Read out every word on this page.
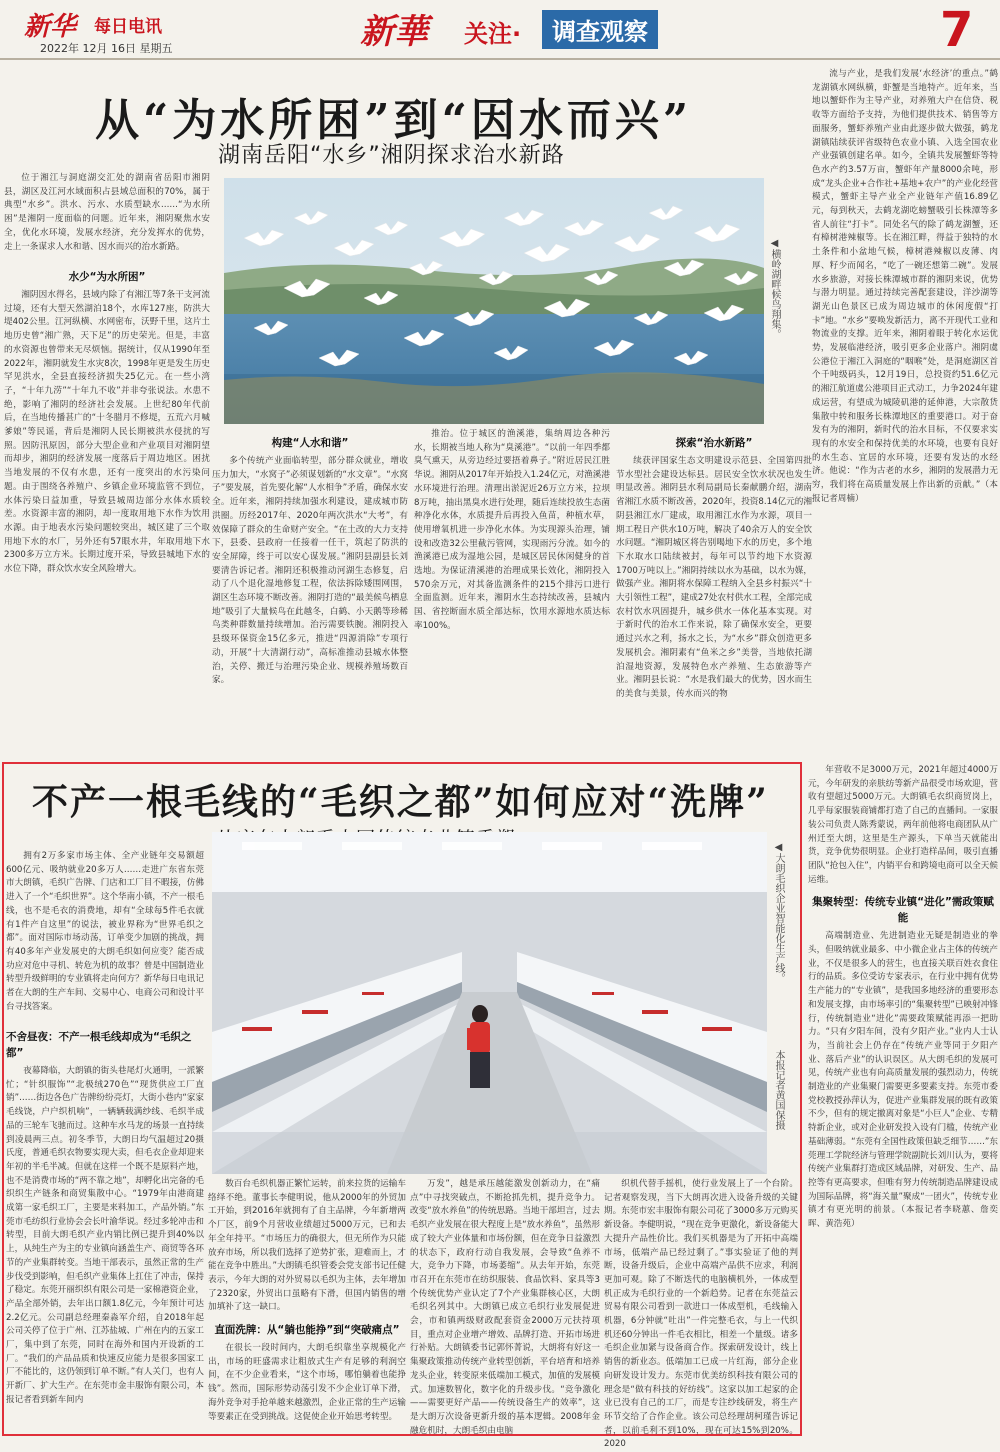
新华 每日电讯
2022年 12月 16日 星期五	新華 关注·	调查观察	7
从“为水所困”到“因水而兴”
湖南岳阳“水乡”湘阴探求治水新路
◀横岭湖畔候鸟翔集。

位于湘江与洞庭湖交汇处的湖南省岳阳市湘阴县，湖区及江河水域面积占县域总面积的70%，属于典型“水乡”。洪水、污水、水质型缺水……“为水所困”是湘阴一度面临的问题。近年来，湘阴聚焦水安全，优化水环境，发展水经济，充分发挥水的优势，走上一条谋求人水和谐、因水而兴的治水新路。

水少“为水所困”

湘阴因水得名，县域内除了有湘江等7条干支河流过境，还有大型天然湖泊18个，水库127座，防洪大堤402公里。江河纵横、水网密布，沃野千里，这片土地历史曾“湘广熟，天下足”的历史荣光。但是，丰富的水资源也曾带来无尽烦恼。据统计，仅从1990年至2022年，湘阴就发生水灾8次，1998年更是发生历史罕见洪水，全县直接经济损失25亿元。在一些小湾子，“十年九涝”“十年九不收”并非夸张说法。水患不绝，影响了湘阴的经济社会发展。上世纪80年代前后，在当地传播甚广的“十冬腊月不修堤，五荒六月喊爹娘”等民谣，背后是湘阴人民长期被洪水侵扰的写照。因防汛原因，部分大型企业和产业项目对湘阴望而却步，湘阴的经济发展一度落后于周边地区。困扰当地发展的不仅有水患，还有一度突出的水污染问题。由于围绕各养殖户、乡镇企业环境监管不到位，水体污染日益加重，导致县城周边部分水体水质较差。水资源丰富的湘阴，却一度取用地下水作为饮用水源。由于地表水污染问题较突出，城区建了三个取用地下水的水厂，另外还有57眼水井，年取用地下水2300多万立方米。长期过度开采，导致县城地下水的水位下降，群众饮水安全风险增大。

构建“人水和谐”

多个传统产业面临转型，部分群众就业，增收压力加大，“水窝子”必须谋划新的“水文章”。“水窝子”要发展，首先要化解“人水相争”矛盾，确保水安全。近年来，湘阴持续加强水利建设，建成城市防洪圈。历经2017年、2020年两次洪水“大考”，有效保障了群众的生命财产安全。“在土改的大力支持下，县委、县政府一任接着一任干，筑起了防洪的安全屏障，终于可以安心谋发展。”湘阴县副县长刘要清告诉记者。湘阴还积极推动河湖生态修复，启动了八个退化湿地修复工程，依法拆除矮围网围，湖区生态环境不断改善。湘阴打造的“最美候鸟栖息地”吸引了大量候鸟在此越冬，白鹤、小天鹅等珍稀鸟类种群数量持续增加。治污需要铁腕。湘阴投入县级环保资金15亿多元，推进“四源消除”专项行动，开展“十大清湖行动”，高标准推动县城水体整治，关停、搬迁与治理污染企业、规模养殖场数百家。

推治。位于城区的渔溪港，集纳周边各种污水，长期被当地人称为“臭溪港”。“以前一年四季都臭气熏天，从旁边经过要捂着鼻子。”附近居民江胜华说。湘阴从2017年开始投入1.24亿元，对渔溪港水环境进行治理。清理出淤泥近26万立方米，拉坝8万吨，抽出黑臭水进行处理，随后连续投放生态菌种净化水体，水质提升后再投入鱼苗，种植水草，使用增氧机进一步净化水体。为实现源头治理，铺设和改造32公里截污管网，实现雨污分流。如今的渔溪港已成为湿地公园，是城区居民休闲健身的首选地。为保证清溪港的治理成果长效化，湘阴投入570余万元，对其备监测条件的215个排污口进行全面监测。近年来，湘阴水生态持续改善，县城内国、省控断面水质全部达标，饮用水源地水质达标率100%。

探索“治水新路”

续获评国家生态文明建设示范县、全国第四批节水型社会建设达标县。居民安全饮水状况也发生明显改善。湘阴县水利局副局长秦献鹏介绍，湖南省湘江水质不断改善，2020年，投资8.14亿元的湘阴县湘江水厂建成，取用湘江水作为水源，项目一期工程日产供水10万吨，解决了40余万人的安全饮水问题。“湘阴城区将告别喝地下水的历史，多个地下水取水口陆续被封，每年可以节约地下水资源1700万吨以上。”湘阴持续以水为基础，以水为媒，做强产业。湘阴将水保障工程纳入全县乡村振兴“十大引领性工程”，建成27处农村供水工程，全部完成农村饮水巩固提升，城乡供水一体化基本实现。对于新时代的治水工作来说，除了确保水安全，更要通过兴水之利，扬水之长，为“水乡”群众创造更多发展机会。湘阴素有“鱼米之乡”美誉，当地依托湖泊湿地资源，发展特色水产养殖、生态旅游等产业。湘阴县长说：“水是我们最大的优势，因水而生的美食与美景，传水而兴的物

流与产业，是我们发展‘水经济’的重点。”鹤龙湖镇水网纵横，虾蟹是当地特产。近年来，当地以蟹虾作为主导产业，对养殖大户在信贷、税收等方面给予支持，为他们提供技术、销售等方面服务，蟹虾养殖产业由此逐步做大做强，鹤龙湖镇陆续获评省级特色农业小镇、入选全国农业产业强镇创建名单。如今，全镇共发展蟹虾等特色水产约3.57万亩，蟹虾年产量8000余吨，形成“龙头企业+合作社+基地+农户”的产业化经营模式，蟹虾主导产业全产业链年产值16.89亿元，每到秋天，去鹤龙湖吃螃蟹吸引长株潭等多省人前往“打卡”。同处名气的除了鹤龙湖蟹，还有樟树港辣椒等。长在湘江畔，得益于独特的水土条件和小盆地气候，樟树港辣椒以皮薄、肉厚、籽少而闻名，“吃了一碗还想第二碗”。发展水乡旅游，对接长株潭城市群的湘阴来说，优势与潜力明显。通过持续完善配套建设，洋沙湖等湖光山色景区已成为周边城市的休闲度假“打卡”地。“水乡”要唤发新活力，离不开现代工业和物流业的支撑。近年来，湘阴着眼于转化水运优势，发展临港经济，吸引更多企业落户。湘阴虞公港位于湘江入洞庭的“咽喉”处，是洞庭湖区首个千吨级码头，12月19日，总投资约51.6亿元的湘江航道虞公港项目正式动工，力争2024年建成运营，有望成为城陵矶港的延伸港，大宗散货集散中转和服务长株潭地区的重要港口。对于奋发有为的湘阴，新时代的治水目标，不仅要求实现有的水安全和保持优美的水环境，也要有良好的水生态、宜居的水环境，还要有发达的水经济。他说：“作为古老的水乡，湘阴的发展潜力无穷，我们将在高质量发展上作出新的贡献。”（本报记者周楠）

不产一根毛线的“毛织之都”如何应对“洗牌”
◀大朗毛织企业智能化生产线。
本报记者黄国保摄

拥有2万多家市场主体、全产业链年交易额超600亿元、吸纳就业20多万人……走进广东省东莞市大朗镇，毛织广告牌、门店和工厂目不暇接，仿佛进入了一个“毛织世界”。这个华南小镇，不产一根毛线，也不是毛衣的消费地，却有“全球每5件毛衣就有1件产自这里”的说法，被业界称为“世界毛织之都”。面对国际市场动荡，订单变少加剧的挑战，拥有40多年产业发展史的大朗毛织如何应变？能否成功应对危中寻机、转危为机的故事？曾是中国制造业转型升级鲜明的专业镇将走向何方？新华每日电讯记者在大朗的生产车间、交易中心、电商公司和设计平台寻找答案。

不舍昼夜：不产一根毛线却成为“毛织之都”

夜幕降临，大朗镇的街头巷尾灯火通明，一派繁忙；“针织服饰”“北极绒270色”“现货供应工厂直销”……街边各色广告牌纷纷亮灯，大街小巷内“家家毛线饶，户户织机响”，一辆辆载满纱线、毛织半成品的三轮车飞驰而过。这种车水马龙的场景一直持续到凌晨两三点。初冬季节，大朗日均气温超过20摄氏度，普通毛织衣物要实现大卖，但毛衣企业却迎来年初的半毛半减。但就在这样一个既不是原料产地，也不是消费市场的“两不靠之地”，却孵化出完备的毛织织生产链条和商贸集散中心。“1979年由港商建成第一家毛织工厂，主要是来料加工，产品外销。”东莞市毛纺织行业协会会长叶渝华说。经过多轮冲击和转型，目前大朗毛织产业内销比例已提升到40%以上，从纯生产为主的专业镇向涵盖生产、商贸等各环节的产业集群转变。当地干部表示，虽然正常的生产步伐受到影响，但毛织产业集体上扛住了冲击，保持了稳定。东莞开丽织织有限公司是一家棉港资企业，产品全部外销，去年出口额1.8亿元，今年预计可达2.2亿元。公司副总经理秦淼军介绍，自2018年起公司关停了位于广州、江苏盐城、广州在内的五家工厂，集中到了东莞，同时在海外和国内开设新的工厂。“我们的产品品质和快速反应能力是很多国家工厂不能比的，这仍领到订单不断。”有人关门，也有人开新厂、扩大生产。在东莞市金丰服饰有限公司，本报记者看到新车间内

数百台毛织机器正繁忙运转，前来拉货的运输车络绎不绝。董事长李健明说，他从2000年的外贸加工开始，到2016年就拥有了自主品牌，今年新增两个厂区，前9个月营收业绩超过5000万元，已和去年全年持平。“市场压力的确很大，但无所作为只能放弃市场，所以我们选择了逆势扩张，迎难而上，才能在竞争中胜出。”大朗镇毛织管委会党支部书记任健表示，今年大朗的对外贸易以毛织为主体，去年增加了2320家，外贸出口虽略有下滑，但国内销售的增加填补了这一缺口。

直面洗牌：从“躺也能挣”到“突破痛点”

在很长一段时间内，大朗毛织靠坐享规模化产出，市场的旺盛需求让粗放式生产有足够的利润空间，在不少企业看来，“这个市场，哪怕躺着也能挣钱”。然而，国际形势动荡引发不少企业订单下滑，海外竞争对手抢单越来越激烈，企业正常的生产运输等要素正在受到挑战。这促使企业开始思考转型。

万发”，越是承压越能激发创新动力，在“痛点”中寻找突破点，不断抢抓先机，提升竞争力。改变“放水养鱼”的传统思路。当地干部坦言，过去毛织产业发展在很大程度上是“放水养鱼”，虽然形成了较大产业体量和市场份额，但在竞争日益激烈的状态下，政府行动自我发展，会导致“鱼养不大，竞争力下降，市场萎缩”。从去年开始，东莞市召开在东莞市在纺织服装、食品饮料、家具等3个传统优势产业认定了7个产业集群核心区，大朗毛织名列其中。大朗镇已成立毛织行业发展促进会，市和镇两级财政配套资金2000万元扶持项目，重点对企业增产增效、品牌打造、开拓市场进行补贴。大朗镇委书记郭怀菁说，大朗将有好这一集聚政策推动传统产业转型创新，平台培育和培养龙头企业，转变原来低端加工模式，加值的发展模式。加速数智化，数字化的升级步伐。“竞争激化——需要更好产品——传统设备生产的效率”，这是大朗万次设备更新升级的基本逻辑。2008年金融危机时，大朗毛织由电脑

织机代替手摇机，使行业发展上了一个台阶。记者观察发现，当下大朗再次进入设备升级的关键期。东莞市宏丰服饰有限公司花了3000多万元购买新设备。李健明说，“现在竞争更激化，新设备能大大提升产品性价比。我们买机器是为了开拓中高端市场，低端产品已经过剩了。”事实验证了他的判断，设备升级后，企业中高端产品供不应求，利润更加可观。除了不断迭代的电脑横机外，一体成型机正成为毛织行业的一个新趋势。记者在东莞益云贸易有限公司看到一款进口一体成型机，毛线输入机器，6分钟就“吐出”一件完整毛衣，与上一代织机还60分钟出一件毛衣相比，相差一个量级。诸多毛织企业加紧与设备商合作。探索研发设计，线上销售的新业态。低端加工已成一片红海，部分企业向研发设计发力。东莞市优美纺织科技有限公司的理念是“做有科技的好纺线”。这家以加工起家的企业已没有自己的工厂，而是专注纱线研发，将生产环节交给了合作企业。该公司总经理胡柯瑾告诉记者，以前毛利不到10%，现在可达15%到20%。2020

年营收不足3000万元，2021年超过4000万元，今年研发的亲肤纺等新产品很受市场欢迎，营收有望超过5000万元。大朗镇毛衣织商贸岗上，几乎每家服装商铺都打造了自己的直播间。一家服装公司负责人陈秀蒙说，两年前他将电商团队从广州迁至大朗，这里是生产源头，下单当天就能出货，竞争优势很明显。企业打造样品间，吸引直播团队“抢包入住”，内销平台和跨境电商可以全天候运维。

集聚转型：传统专业镇“进化”需政策赋能

高端制造业、先进制造业无疑是制造业的拳头，但吸纳就业最多、中小微企业占主体的传统产业，不仅是很多人的营生，也直接关联百姓衣食住行的品质。多位受访专家表示，在行业中拥有优势生产能力的“专业镇”，是我国多地经济的重要形态和发展支撑，由市场率引的“集聚转型”已映射冲锋行，传统制造业“进化”需要政策赋能再添一把助力。“只有夕阳车间，没有夕阳产业。”业内人士认为，当前社会上仍存在“传统产业等同于夕阳产业、落后产业”的认识误区。从大朗毛织的发展可见，传统产业也有向高质量发展的强烈动力，传统制造业的产业集聚门需要更多要素支持。东莞市委党校教授孙萍认为，促进产业集群发展的既有政策不少，但有的规定撤离对象是“小巨人”企业、专精特新企业，或对企业研发投入设有门槛，传统产业基础薄弱。“东莞有全国性政策但缺乏细节……”东莞理工学院经济与管理学院副院长刘川认为，要将传统产业集群打造成区域品牌，对研发、生产、品控等有更高要求，但唯有努力传统制造品牌建设成为国际品牌，将“海关量”聚成“一团火”，传统专业镇才有更光明的前景。（本报记者李晓蕙、詹奕晖、黄浩苑）
